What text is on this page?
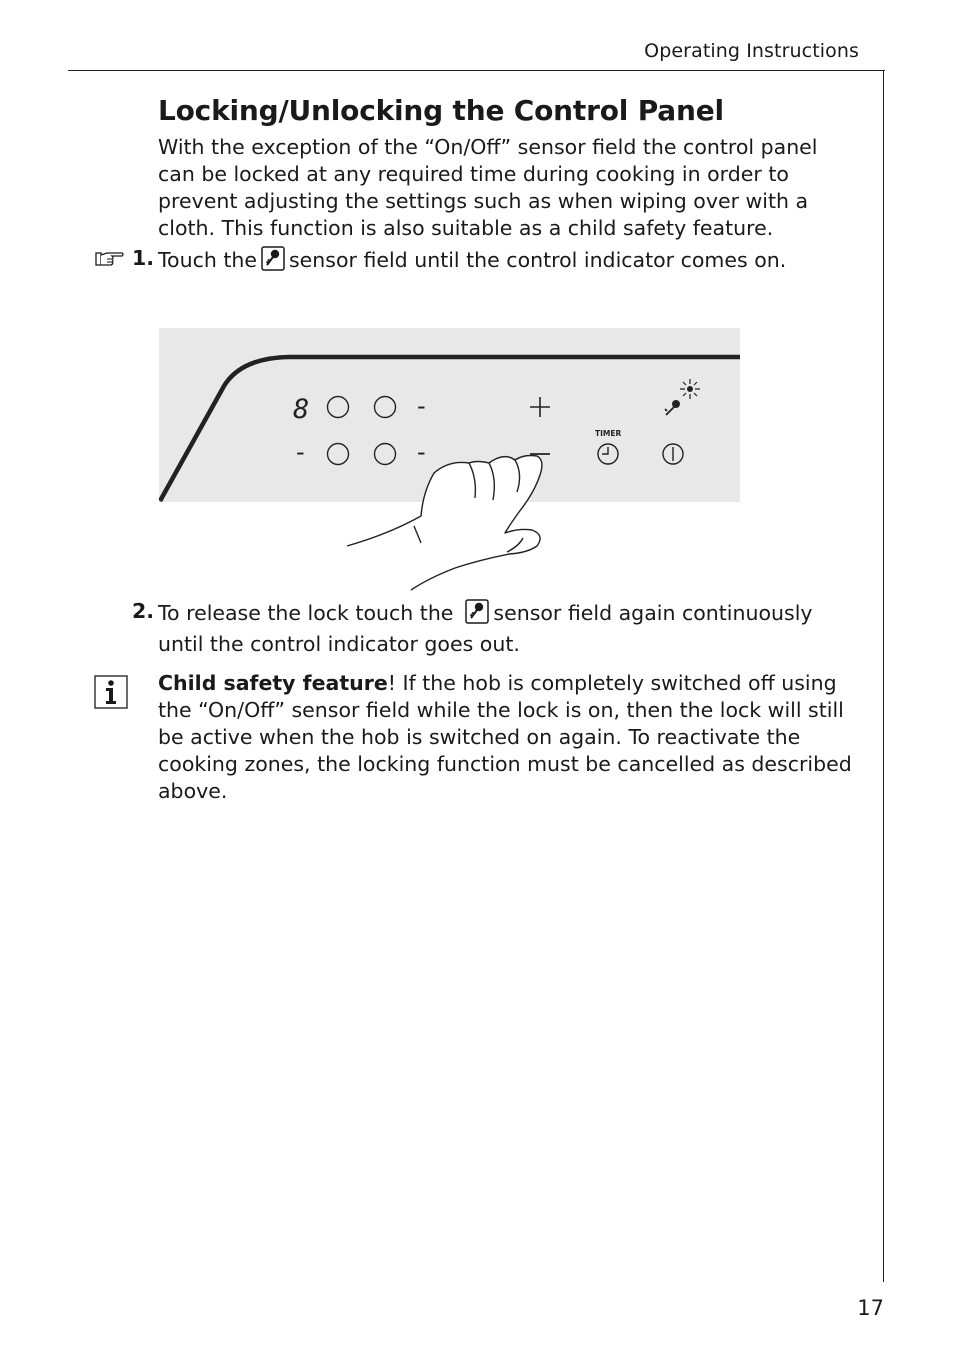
Operating Instructions
Locking/Unlocking the Control Panel

With the exception of the “On/Off” sensor field the control panel can be locked at any required time during cooking in order to prevent adjusting the settings such as when wiping over with a cloth. This function is also suitable as a child safety feature.

1. Touch the sensor field until the control indicator comes on.

8	-
-	-
TIMER
2. To release the lock touch the sensor field again continuously until the control indicator goes out.

Child safety feature! If the hob is completely switched off using the “On/Off” sensor field while the lock is on, then the lock will still be active when the hob is switched on again. To reactivate the cooking zones, the locking function must be cancelled as described above.

17
